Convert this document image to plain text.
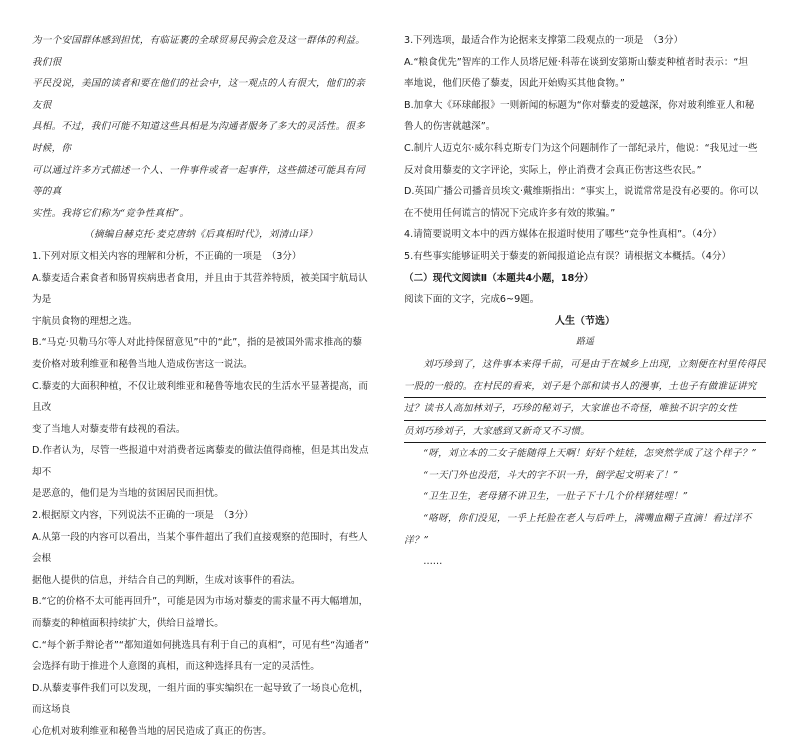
为一个安国群体感到担忧，有临证裹的全球贸易民驹会危及这一群体的利益。我们很

平民没说，美国的读者和要在他们的社会中，这一观点的人有很大，他们的亲友很

具相。不过，我们可能不知道这些具相是为沟通者服务了多大的灵活性。很多时候，你

可以通过许多方式描述一个人、一件事件或者一起事件，这些描述可能具有同等的真

实性。我将它们称为“竞争性真相”。

（摘编自赫克托·麦克唐纳《后真相时代》，刘清山译）

1.下列对原文相关内容的理解和分析，不正确的一项是　（3分）

A.藜麦适合素食者和肠胃疾病患者食用，并且由于其营养特质，被美国宇航局认为是

宇航员食物的理想之选。

B.“马克·贝勒马尔等人对此持保留意见”中的“此”，指的是被国外需求推高的藜

麦价格对玻利维亚和秘鲁当地人造成伤害这一说法。

C.藜麦的大面积种植，不仅让玻利维亚和秘鲁等地农民的生活水平显著提高，而且改

变了当地人对藜麦带有歧视的看法。

D.作者认为，尽管一些报道中对消费者远离藜麦的做法值得商榷，但是其出发点却不

是恶意的，他们是为当地的贫困居民而担忧。

2.根据原文内容，下列说法不正确的一项是　（3分）

A.从第一段的内容可以看出，当某个事件超出了我们直接观察的范围时，有些人会根

据他人提供的信息，并结合自己的判断，生成对该事件的看法。

B.“它的价格不太可能再回升”，可能是因为市场对藜麦的需求量不再大幅增加，

而藜麦的种植面积持续扩大，供给日益增长。

C.“每个新手辩论者”“都知道如何挑选具有利于自己的真相”，可见有些“沟通者”

会选择有助于推进个人意图的真相，而这种选择具有一定的灵活性。

D.从藜麦事件我们可以发现，一组片面的事实编织在一起导致了一场良心危机，而这场良

心危机对玻利维亚和秘鲁当地的居民造成了真正的伤害。

3.下列选项，最适合作为论据来支撑第二段观点的一项是　（3分）

A.“粮食优先”智库的工作人员塔尼娅·科蒂在谈到安第斯山藜麦种植者时表示：“坦

率地说，他们厌倦了藜麦，因此开始购买其他食物。”

B.加拿大《环球邮报》一则新闻的标题为“你对藜麦的爱越深，你对玻利维亚人和秘

鲁人的伤害就越深”。

C.制片人迈克尔·威尔科克斯专门为这个问题制作了一部纪录片，他说：“我见过一些

反对食用藜麦的文字评论，实际上，停止消费才会真正伤害这些农民。”

D.英国广播公司播音员埃文·戴维斯指出：“事实上，说谎常常是没有必要的。你可以

在不使用任何谎言的情况下完成许多有效的欺骗。”

4.请简要说明文本中的西方媒体在报道时使用了哪些“竞争性真相”。（4分）

5.有些事实能够证明关于藜麦的新闻报道论点有误？请根据文本概括。（4分）

（二）现代文阅读Ⅱ（本题共4小题，18分）

阅读下面的文字，完成6~9题。

人生（节选）

路遥

刘巧珍到了，这件事本来得千前，可是由于在城乡上出现，立刻便在村里传得民

一股的一般的。在村民的看来，刘子是个部和读书人的漫事，土也子有做谁证讲究

过？读书人高加林刘子，巧珍的秘刘子，大家谁也不奇怪，唯独不识字的女性

员刘巧珍刘子，大家感到又新奇又不习惯。

“呀，刘立本的二女子能随得上天啊！好好个娃娃，怎突然学成了这个样子？”

“一天门外也没范，斗大的字不识一升，倒学起文明来了！”

“卫生卫生，老母猪不讲卫生，一肚子下十几个价样猪娃哩！”

“咯呀，你们没见，一乎上托脸在老人与后吽上，满嘴血糊子直滴！看过洋不洋？”

……
